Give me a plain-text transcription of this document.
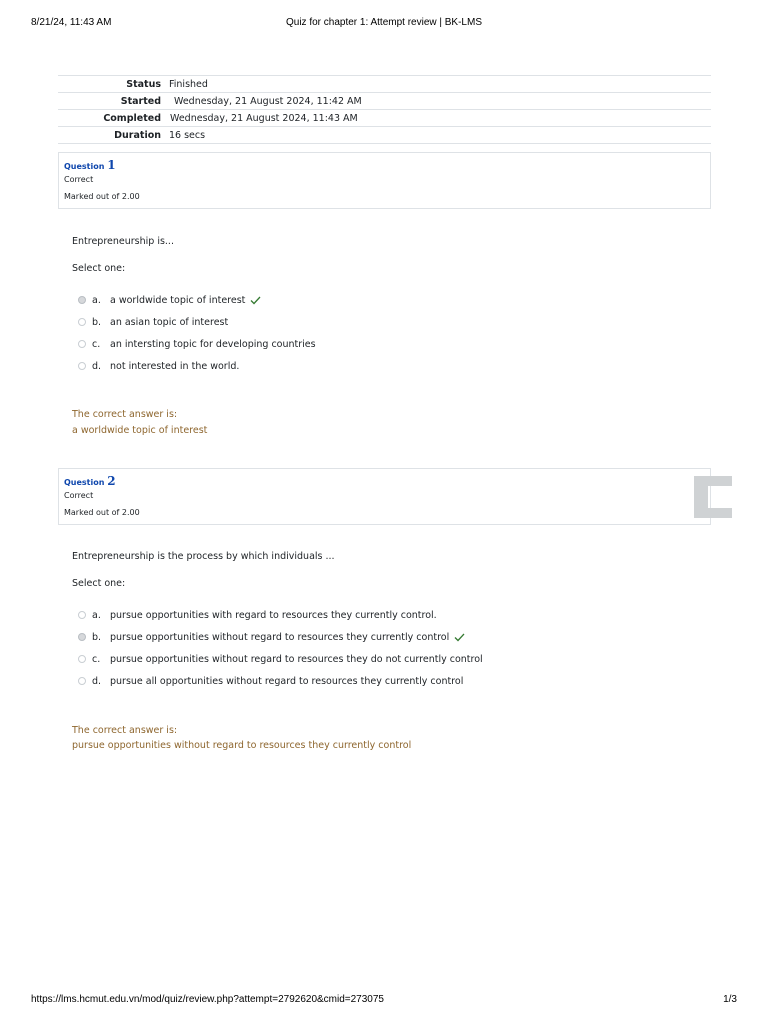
8/21/24, 11:43 AM	Quiz for chapter 1: Attempt review | BK-LMS
Status	Finished
Started	Wednesday, 21 August 2024, 11:42 AM
Completed	Wednesday, 21 August 2024, 11:43 AM
Duration	16 secs
Question 1
Correct
Marked out of 2.00
Entrepreneurship is...
Select one:
a. a worldwide topic of interest
b. an asian topic of interest
c.	an intersting topic for developing countries
d. not interested in the world.
The correct answer is:
a worldwide topic of interest
Question 2
Correct
Marked out of 2.00
Entrepreneurship is the process by which individuals ...
Select one:
a. pursue opportunities with regard to resources they currently control.
b. pursue opportunities without regard to resources they currently control
c.	pursue opportunities without regard to resources they do not currently control
d. pursue all opportunities without regard to resources they currently control
The correct answer is:
pursue opportunities without regard to resources they currently control
https://lms.hcmut.edu.vn/mod/quiz/review.php?attempt=2792620&cmid=273075	1/3
